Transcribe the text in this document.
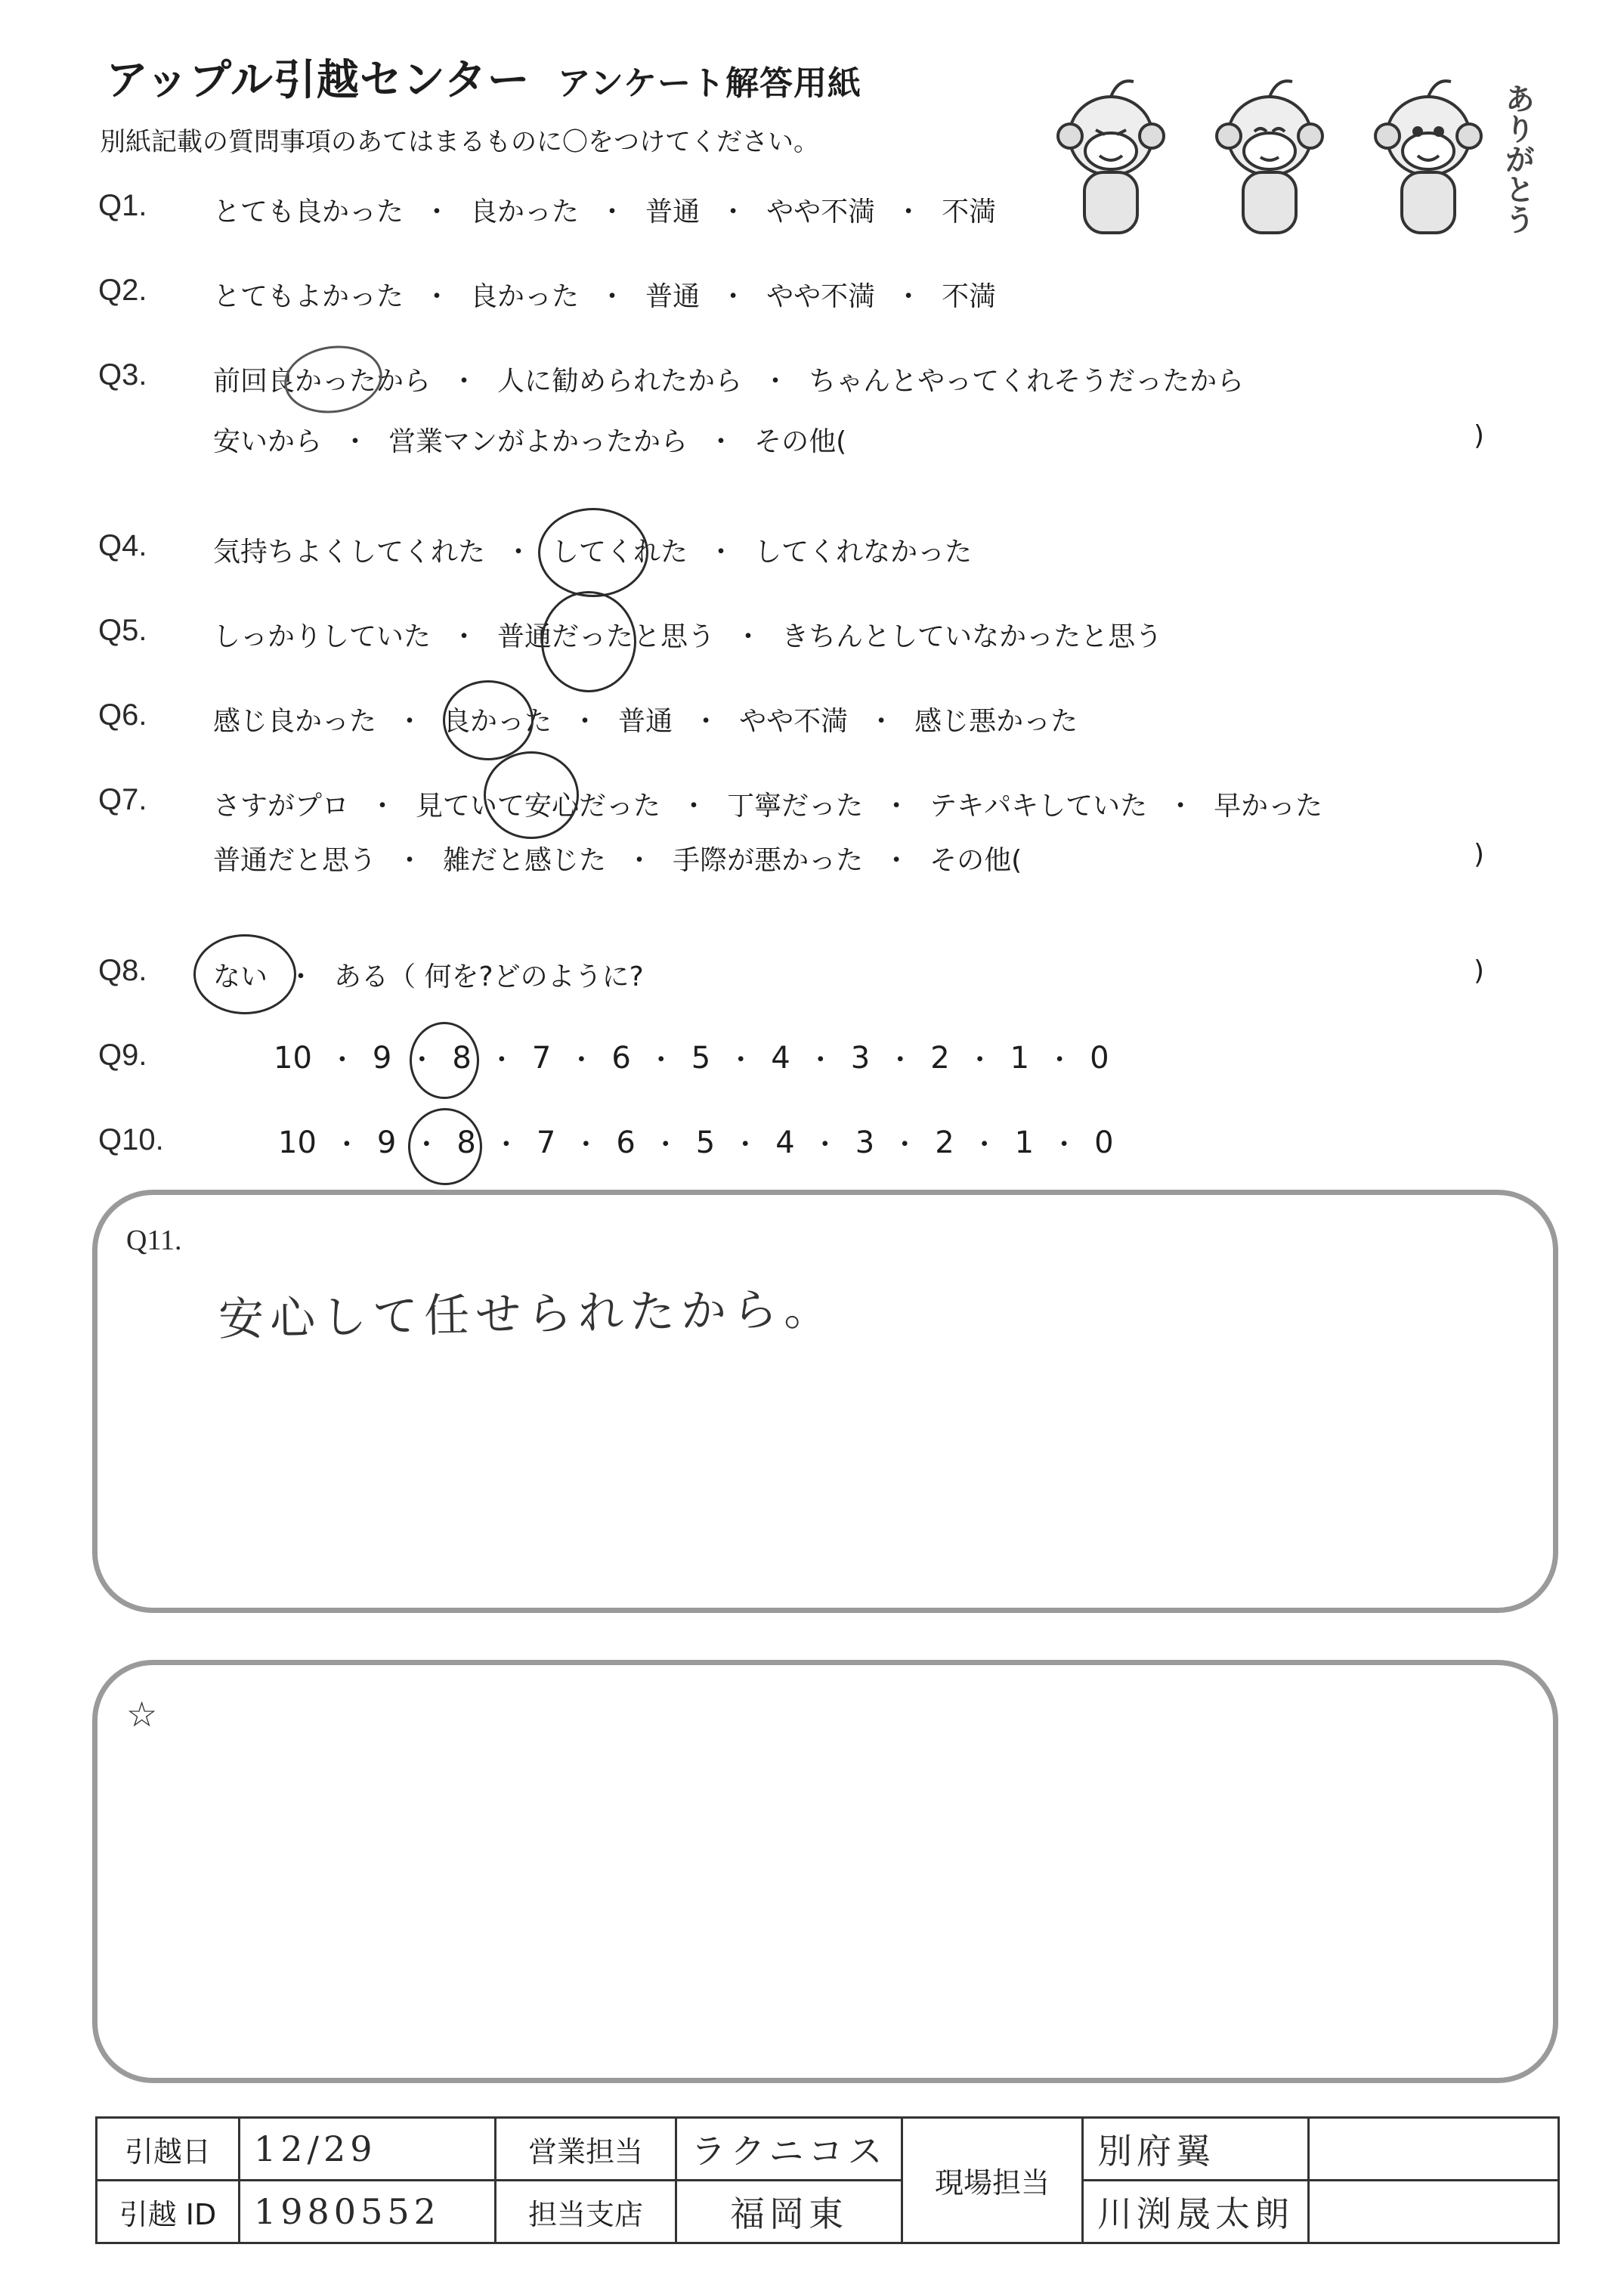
アップル引越センター アンケート解答用紙
別紙記載の質問事項のあてはまるものに〇をつけてください。	ありがとう
Q1. とても良かった ・ 良かった ・ 普通 ・ やや不満 ・ 不満
Q2. とてもよかった ・ 良かった ・ 普通 ・ やや不満 ・ 不満
Q3. 前回良かったから ・ 人に勧められたから ・ ちゃんとやってくれそうだったから
安いから ・ 営業マンがよかったから ・ その他(	)
Q4. 気持ちよくしてくれた ・ してくれた ・ してくれなかった
Q5. しっかりしていた ・ 普通だったと思う ・ きちんとしていなかったと思う
Q6. 感じ良かった ・ 良かった ・ 普通 ・ やや不満 ・ 感じ悪かった
Q7. さすがプロ ・ 見ていて安心だった ・ 丁寧だった ・ テキパキしていた ・ 早かった
普通だと思う ・ 雑だと感じた ・ 手際が悪かった ・ その他(	)
Q8. ない ・ ある（ 何を?どのように?	)
Q9.	10 ・ 9 ・ 8 ・ 7 ・ 6 ・ 5 ・ 4 ・ 3 ・ 2 ・ 1 ・ 0
Q10.	10 ・ 9 ・ 8 ・ 7 ・ 6 ・ 5 ・ 4 ・ 3 ・ 2 ・ 1 ・ 0
Q11.
安心して任せられたから。
☆
引越日	12/29	営業担当	ラクニコス	現場担当	別府翼	
引越 ID	1980552	担当支店	福岡東		川渕晟太朗	
